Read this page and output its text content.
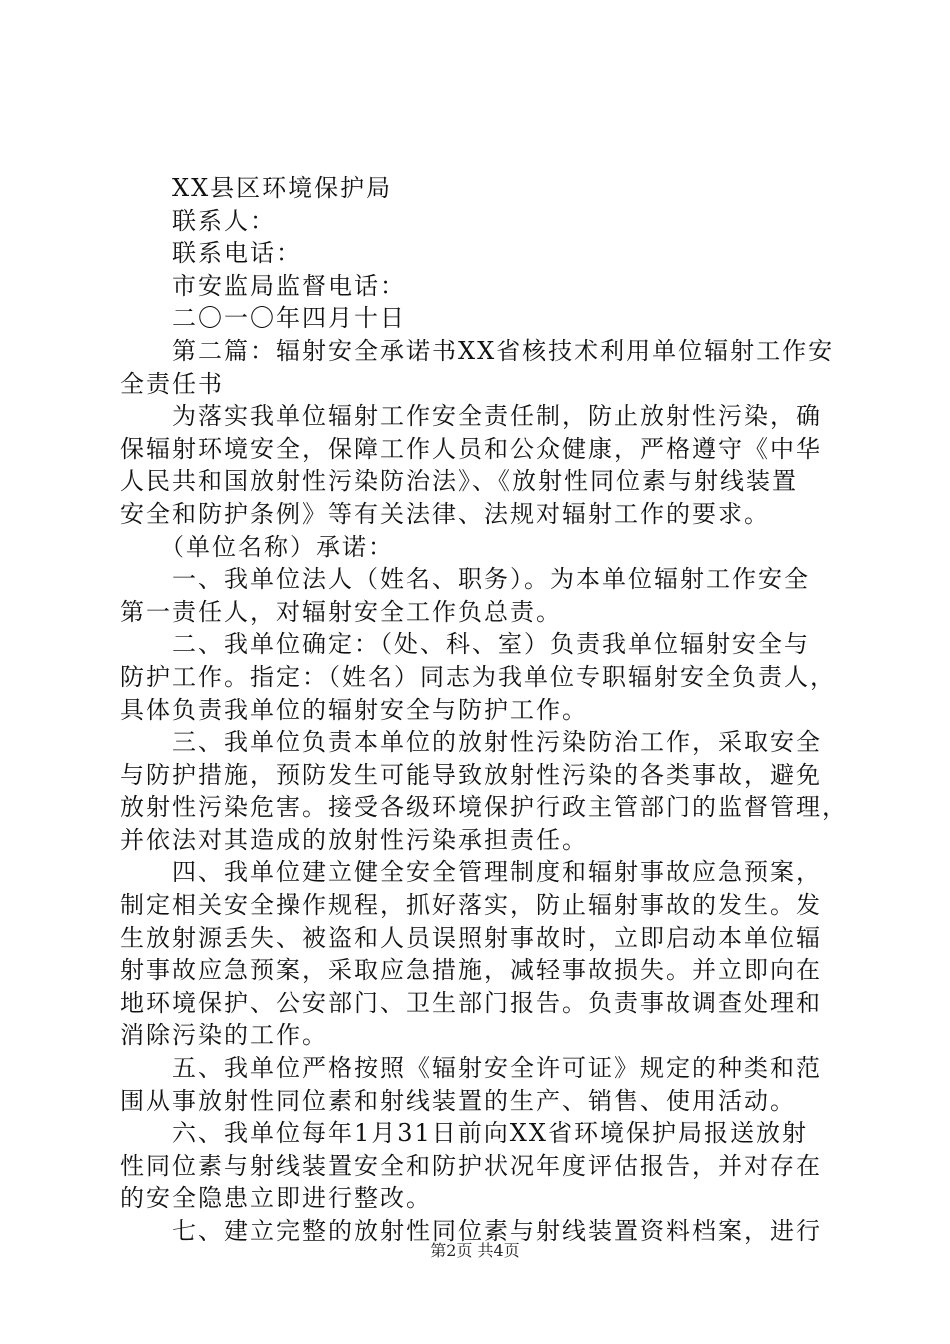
　　XX县区环境保护局
　　联系人：
　　联系电话：
　　市安监局监督电话：
　　二〇一〇年四月十日
　　第二篇：辐射安全承诺书XX省核技术利用单位辐射工作安
全责任书
　　为落实我单位辐射工作安全责任制，防止放射性污染，确
保辐射环境安全，保障工作人员和公众健康，严格遵守《中华
人民共和国放射性污染防治法》、《放射性同位素与射线装置
安全和防护条例》等有关法律、法规对辐射工作的要求。
　　（单位名称）承诺：
　　一、我单位法人（姓名、职务）。为本单位辐射工作安全
第一责任人，对辐射安全工作负总责。
　　二、我单位确定：（处、科、室）负责我单位辐射安全与
防护工作。指定：（姓名）同志为我单位专职辐射安全负责人，
具体负责我单位的辐射安全与防护工作。
　　三、我单位负责本单位的放射性污染防治工作，采取安全
与防护措施，预防发生可能导致放射性污染的各类事故，避免
放射性污染危害。接受各级环境保护行政主管部门的监督管理，
并依法对其造成的放射性污染承担责任。
　　四、我单位建立健全安全管理制度和辐射事故应急预案，
制定相关安全操作规程，抓好落实，防止辐射事故的发生。发
生放射源丢失、被盗和人员误照射事故时，立即启动本单位辐
射事故应急预案，采取应急措施，减轻事故损失。并立即向在
地环境保护、公安部门、卫生部门报告。负责事故调查处理和
消除污染的工作。
　　五、我单位严格按照《辐射安全许可证》规定的种类和范
围从事放射性同位素和射线装置的生产、销售、使用活动。
　　六、我单位每年1月31日前向XX省环境保护局报送放射
性同位素与射线装置安全和防护状况年度评估报告，并对存在
的安全隐患立即进行整改。
　　七、建立完整的放射性同位素与射线装置资料档案，进行
第2页 共4页
